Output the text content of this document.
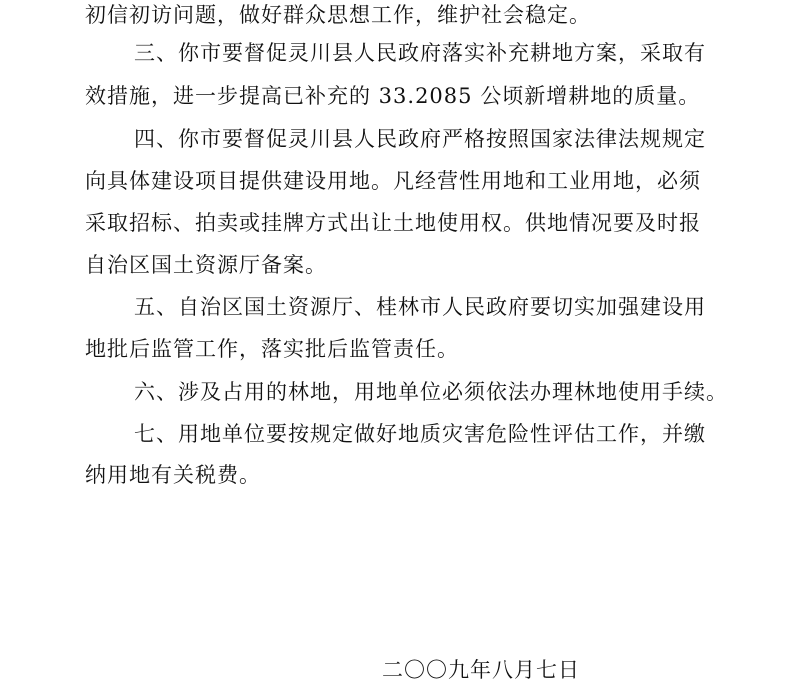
初信初访问题，做好群众思想工作，维护社会稳定。
三、你市要督促灵川县人民政府落实补充耕地方案，采取有
效措施，进一步提高已补充的 33.2085 公顷新增耕地的质量。
四、你市要督促灵川县人民政府严格按照国家法律法规规定
向具体建设项目提供建设用地。凡经营性用地和工业用地，必须
采取招标、拍卖或挂牌方式出让土地使用权。供地情况要及时报
自治区国土资源厅备案。
五、自治区国土资源厅、桂林市人民政府要切实加强建设用
地批后监管工作，落实批后监管责任。
六、涉及占用的林地，用地单位必须依法办理林地使用手续。
七、用地单位要按规定做好地质灾害危险性评估工作，并缴
纳用地有关税费。
二〇〇九年八月七日
